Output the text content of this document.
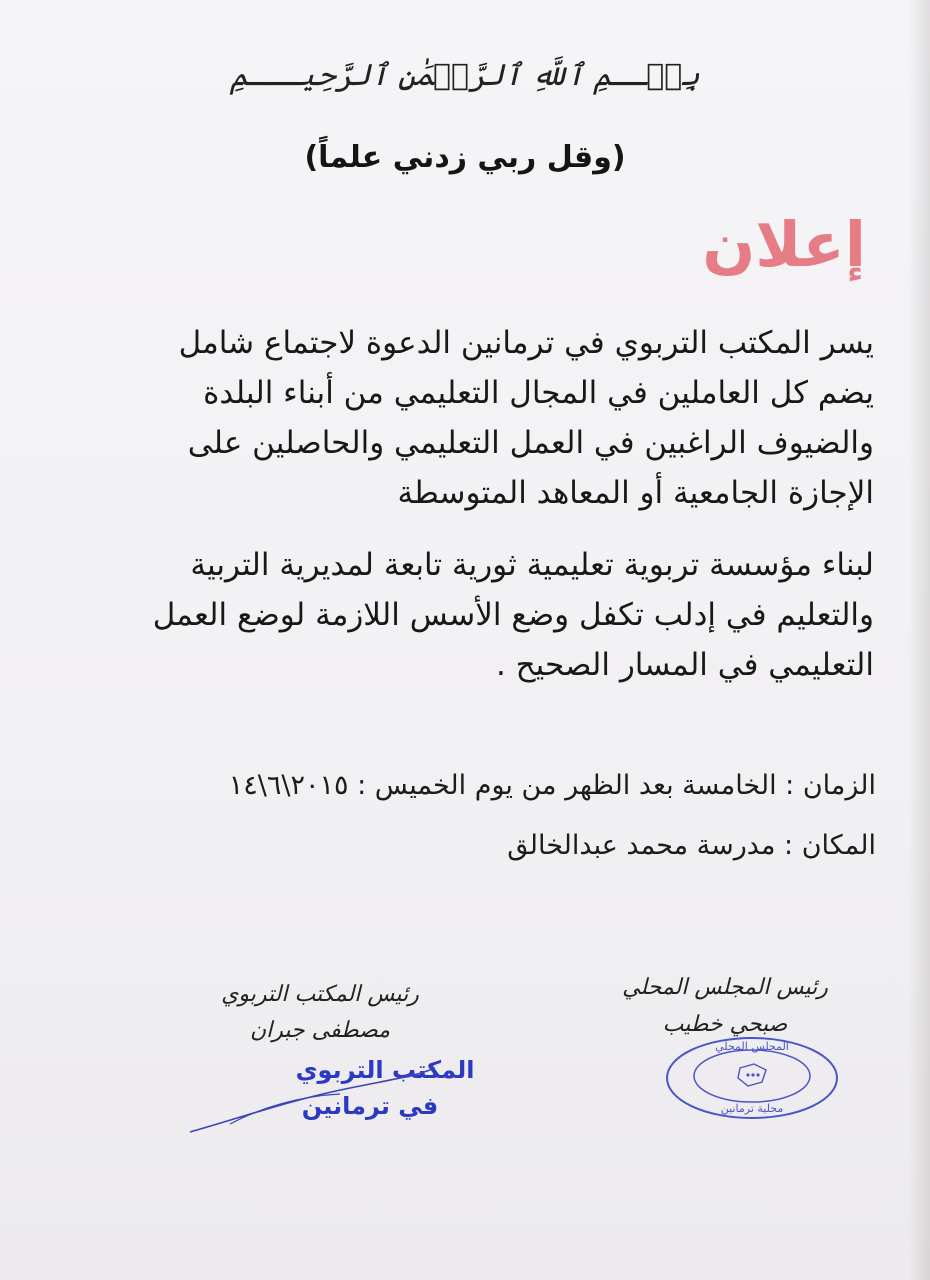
بِسۡــمِ ٱللَّهِ ٱلرَّحۡمَٰنِ ٱلرَّحِيـــمِ
(وقل ربي زدني علماً)
إعلان
يسر المكتب التربوي في ترمانين الدعوة لاجتماع شامل
يضم كل العاملين في المجال التعليمي من أبناء البلدة
والضيوف الراغبين في العمل التعليمي والحاصلين على
الإجازة الجامعية أو المعاهد المتوسطة
لبناء مؤسسة تربوية تعليمية ثورية تابعة لمديرية التربية
والتعليم في إدلب تكفل وضع الأسس اللازمة لوضع العمل
التعليمي في المسار الصحيح .
الزمان : الخامسة بعد الظهر من يوم الخميس : ٢٠١٥\٦\١٤
المكان : مدرسة محمد عبدالخالق
رئيس المكتب التربوي
مصطفى جبران
المكتب التربوي
في ترمانين
رئيس المجلس المحلي
صبحي خطيب
المجلس المحلي
محلية ترمانين
